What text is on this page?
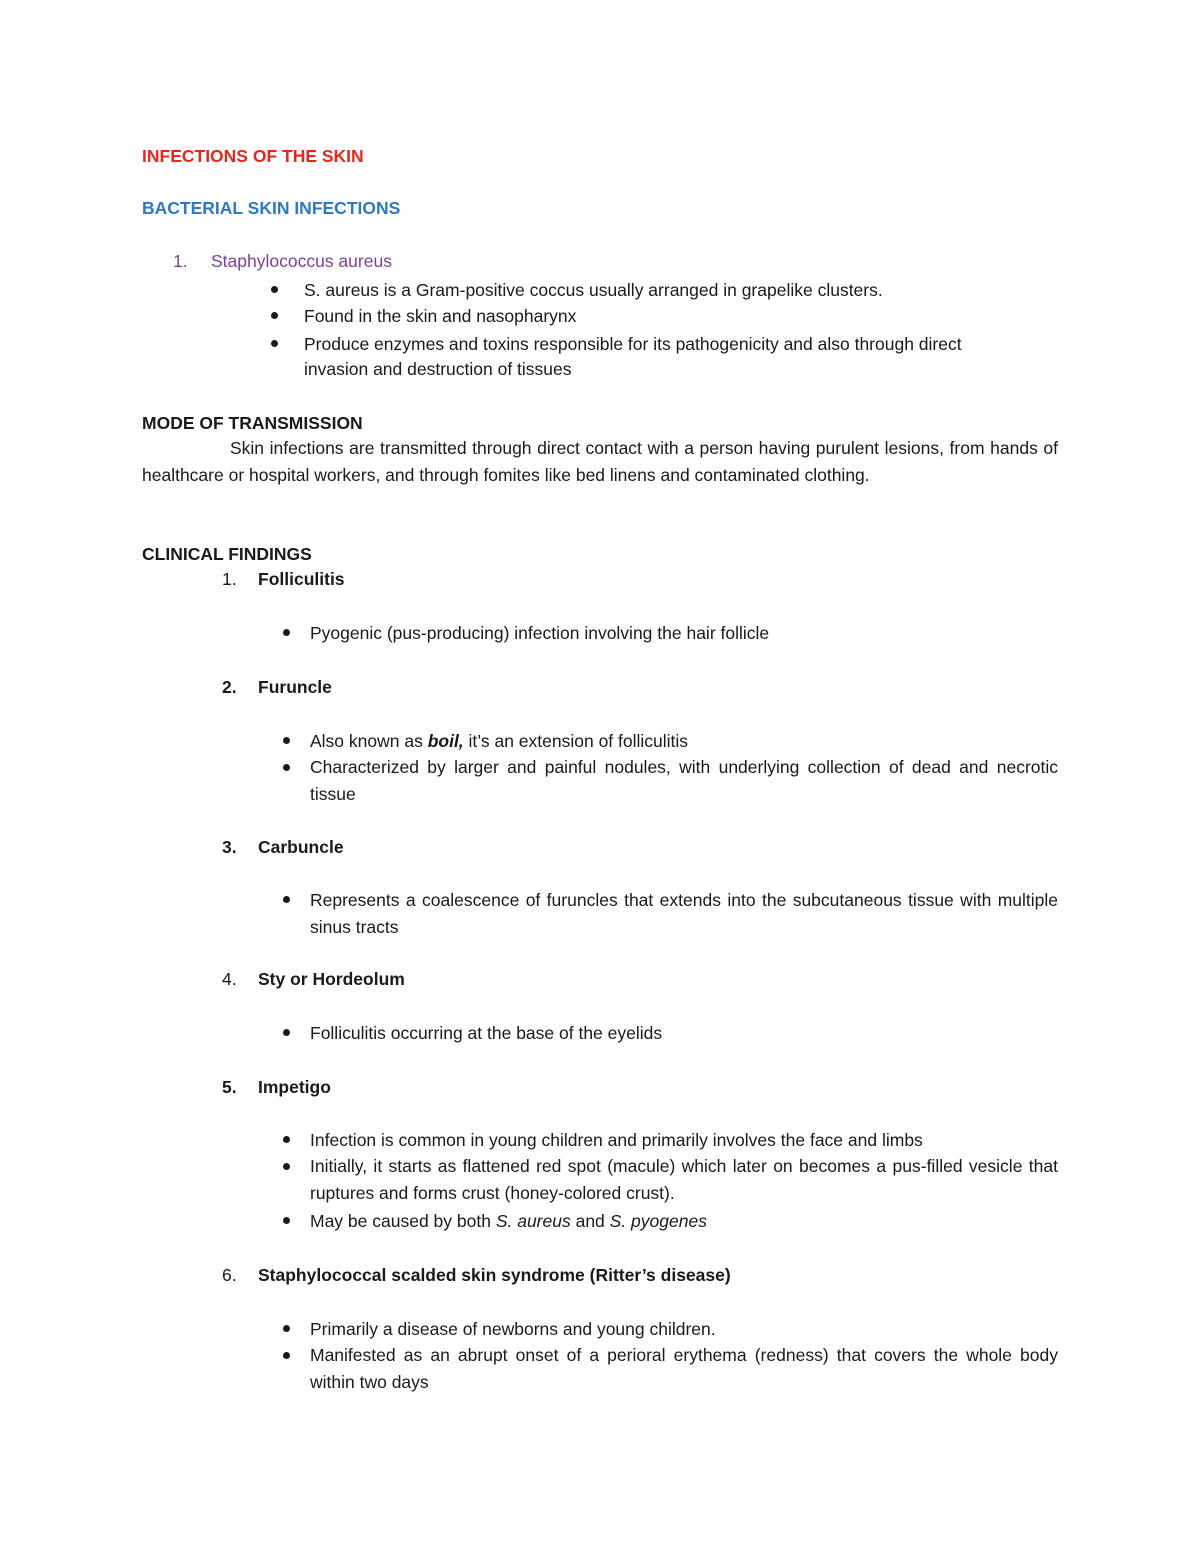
INFECTIONS OF THE SKIN
BACTERIAL SKIN INFECTIONS
1. Staphylococcus aureus
S. aureus is a Gram-positive coccus usually arranged in grapelike clusters.
Found in the skin and nasopharynx
Produce enzymes and toxins responsible for its pathogenicity and also through direct
invasion and destruction of tissues
MODE OF TRANSMISSION
Skin infections are transmitted through direct contact with a person having purulent lesions, from hands of healthcare or hospital workers, and through fomites like bed linens and contaminated clothing.
CLINICAL FINDINGS
1. Folliculitis
Pyogenic (pus-producing) infection involving the hair follicle
2. Furuncle
Also known as boil, it’s an extension of folliculitis
Characterized by larger and painful nodules, with underlying collection of dead and necrotic tissue
3. Carbuncle
Represents a coalescence of furuncles that extends into the subcutaneous tissue with multiple sinus tracts
4. Sty or Hordeolum
Folliculitis occurring at the base of the eyelids
5. Impetigo
Infection is common in young children and primarily involves the face and limbs
Initially, it starts as flattened red spot (macule) which later on becomes a pus-filled vesicle that ruptures and forms crust (honey-colored crust).
May be caused by both S. aureus and S. pyogenes
6. Staphylococcal scalded skin syndrome (Ritter’s disease)
Primarily a disease of newborns and young children.
Manifested as an abrupt onset of a perioral erythema (redness) that covers the whole body within two days
